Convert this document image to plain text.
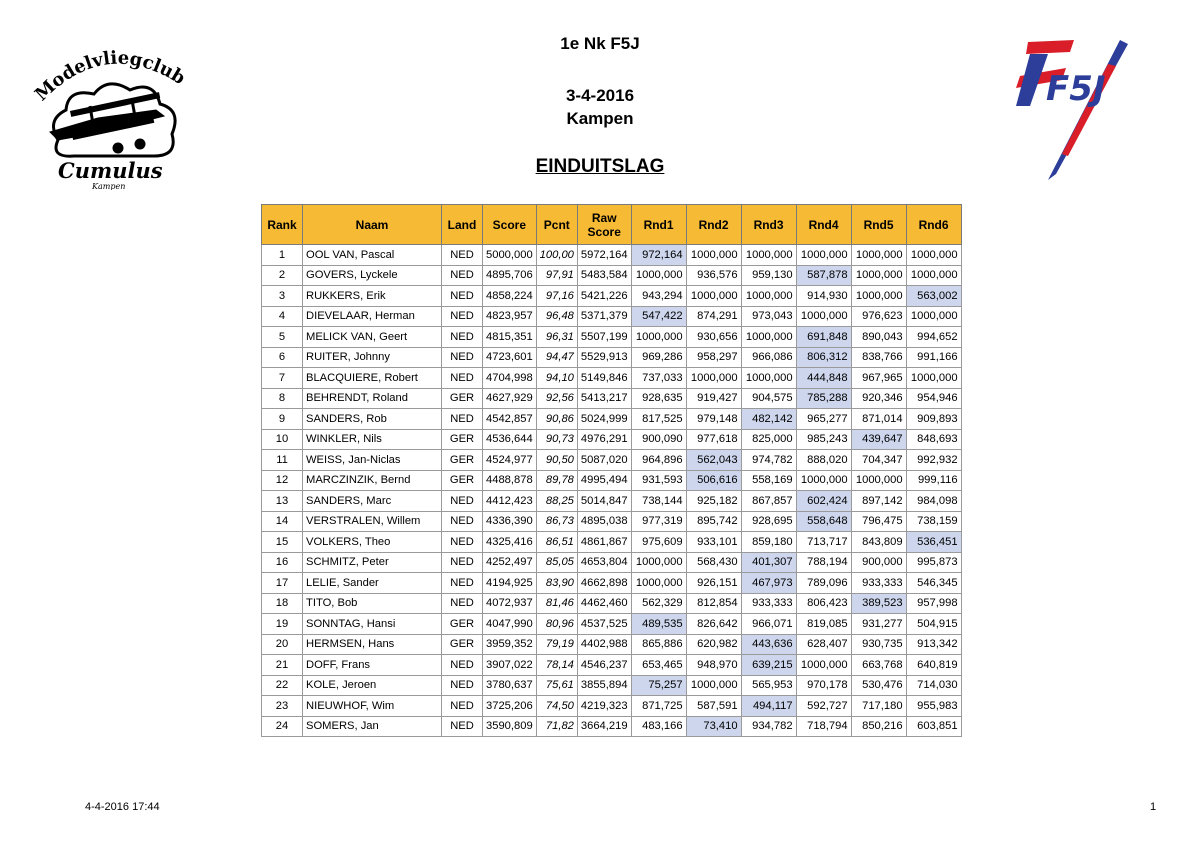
1e Nk F5J
3-4-2016
Kampen
EINDUITSLAG
Modelvliegclub
Cumulus
Kampen
F5J
Rank	Naam	Land	Score	Pcnt	Raw
Score	Rnd1	Rnd2	Rnd3	Rnd4	Rnd5	Rnd6
1	OOL VAN, Pascal	NED	5000,000	100,00	5972,164	972,164	1000,000	1000,000	1000,000	1000,000	1000,000
2	GOVERS, Lyckele	NED	4895,706	97,91	5483,584	1000,000	936,576	959,130	587,878	1000,000	1000,000
3	RUKKERS, Erik	NED	4858,224	97,16	5421,226	943,294	1000,000	1000,000	914,930	1000,000	563,002
4	DIEVELAAR, Herman	NED	4823,957	96,48	5371,379	547,422	874,291	973,043	1000,000	976,623	1000,000
5	MELICK VAN, Geert	NED	4815,351	96,31	5507,199	1000,000	930,656	1000,000	691,848	890,043	994,652
6	RUITER, Johnny	NED	4723,601	94,47	5529,913	969,286	958,297	966,086	806,312	838,766	991,166
7	BLACQUIERE, Robert	NED	4704,998	94,10	5149,846	737,033	1000,000	1000,000	444,848	967,965	1000,000
8	BEHRENDT, Roland	GER	4627,929	92,56	5413,217	928,635	919,427	904,575	785,288	920,346	954,946
9	SANDERS, Rob	NED	4542,857	90,86	5024,999	817,525	979,148	482,142	965,277	871,014	909,893
10	WINKLER, Nils	GER	4536,644	90,73	4976,291	900,090	977,618	825,000	985,243	439,647	848,693
11	WEISS, Jan-Niclas	GER	4524,977	90,50	5087,020	964,896	562,043	974,782	888,020	704,347	992,932
12	MARCZINZIK, Bernd	GER	4488,878	89,78	4995,494	931,593	506,616	558,169	1000,000	1000,000	999,116
13	SANDERS, Marc	NED	4412,423	88,25	5014,847	738,144	925,182	867,857	602,424	897,142	984,098
14	VERSTRALEN, Willem	NED	4336,390	86,73	4895,038	977,319	895,742	928,695	558,648	796,475	738,159
15	VOLKERS, Theo	NED	4325,416	86,51	4861,867	975,609	933,101	859,180	713,717	843,809	536,451
16	SCHMITZ, Peter	NED	4252,497	85,05	4653,804	1000,000	568,430	401,307	788,194	900,000	995,873
17	LELIE, Sander	NED	4194,925	83,90	4662,898	1000,000	926,151	467,973	789,096	933,333	546,345
18	TITO, Bob	NED	4072,937	81,46	4462,460	562,329	812,854	933,333	806,423	389,523	957,998
19	SONNTAG, Hansi	GER	4047,990	80,96	4537,525	489,535	826,642	966,071	819,085	931,277	504,915
20	HERMSEN, Hans	GER	3959,352	79,19	4402,988	865,886	620,982	443,636	628,407	930,735	913,342
21	DOFF, Frans	NED	3907,022	78,14	4546,237	653,465	948,970	639,215	1000,000	663,768	640,819
22	KOLE, Jeroen	NED	3780,637	75,61	3855,894	75,257	1000,000	565,953	970,178	530,476	714,030
23	NIEUWHOF, Wim	NED	3725,206	74,50	4219,323	871,725	587,591	494,117	592,727	717,180	955,983
24	SOMERS, Jan	NED	3590,809	71,82	3664,219	483,166	73,410	934,782	718,794	850,216	603,851
4-4-2016 17:44	1
